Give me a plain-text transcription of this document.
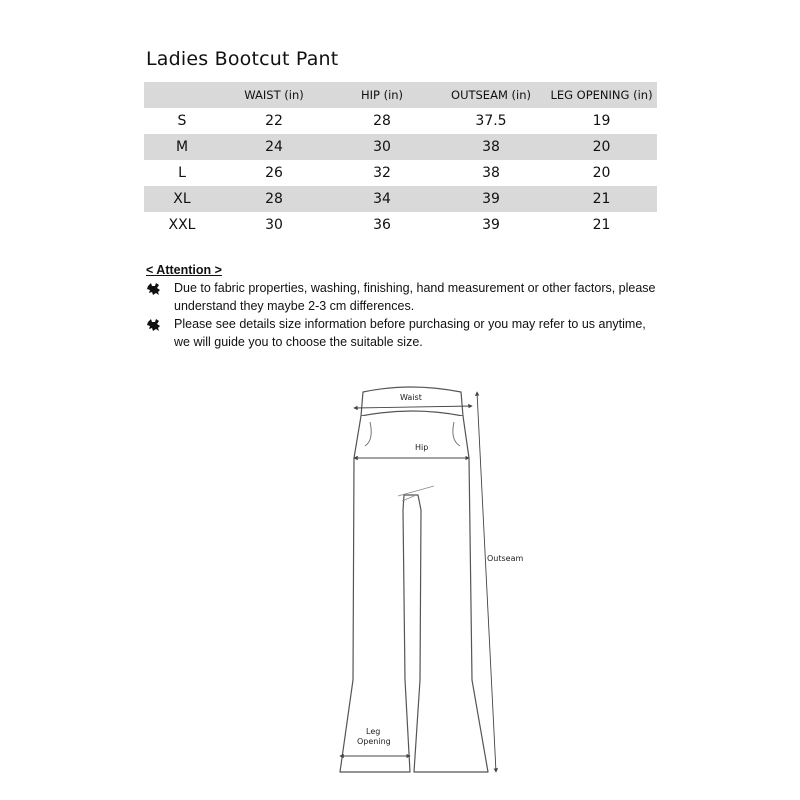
Ladies Bootcut Pant
	WAIST (in)	HIP (in)	OUTSEAM (in)	LEG OPENING (in)
S	22	28	37.5	19
M	24	30	38	20
L	26	32	38	20
XL	28	34	39	21
XXL	30	36	39	21
< Attention >
Due to fabric properties, washing, finishing, hand measurement or other factors, please
understand they maybe 2-3 cm differences.
Please see details size information before purchasing or you may refer to us anytime,
we will guide you to choose the suitable size.
Waist
Hip
Outseam
Leg
Opening
